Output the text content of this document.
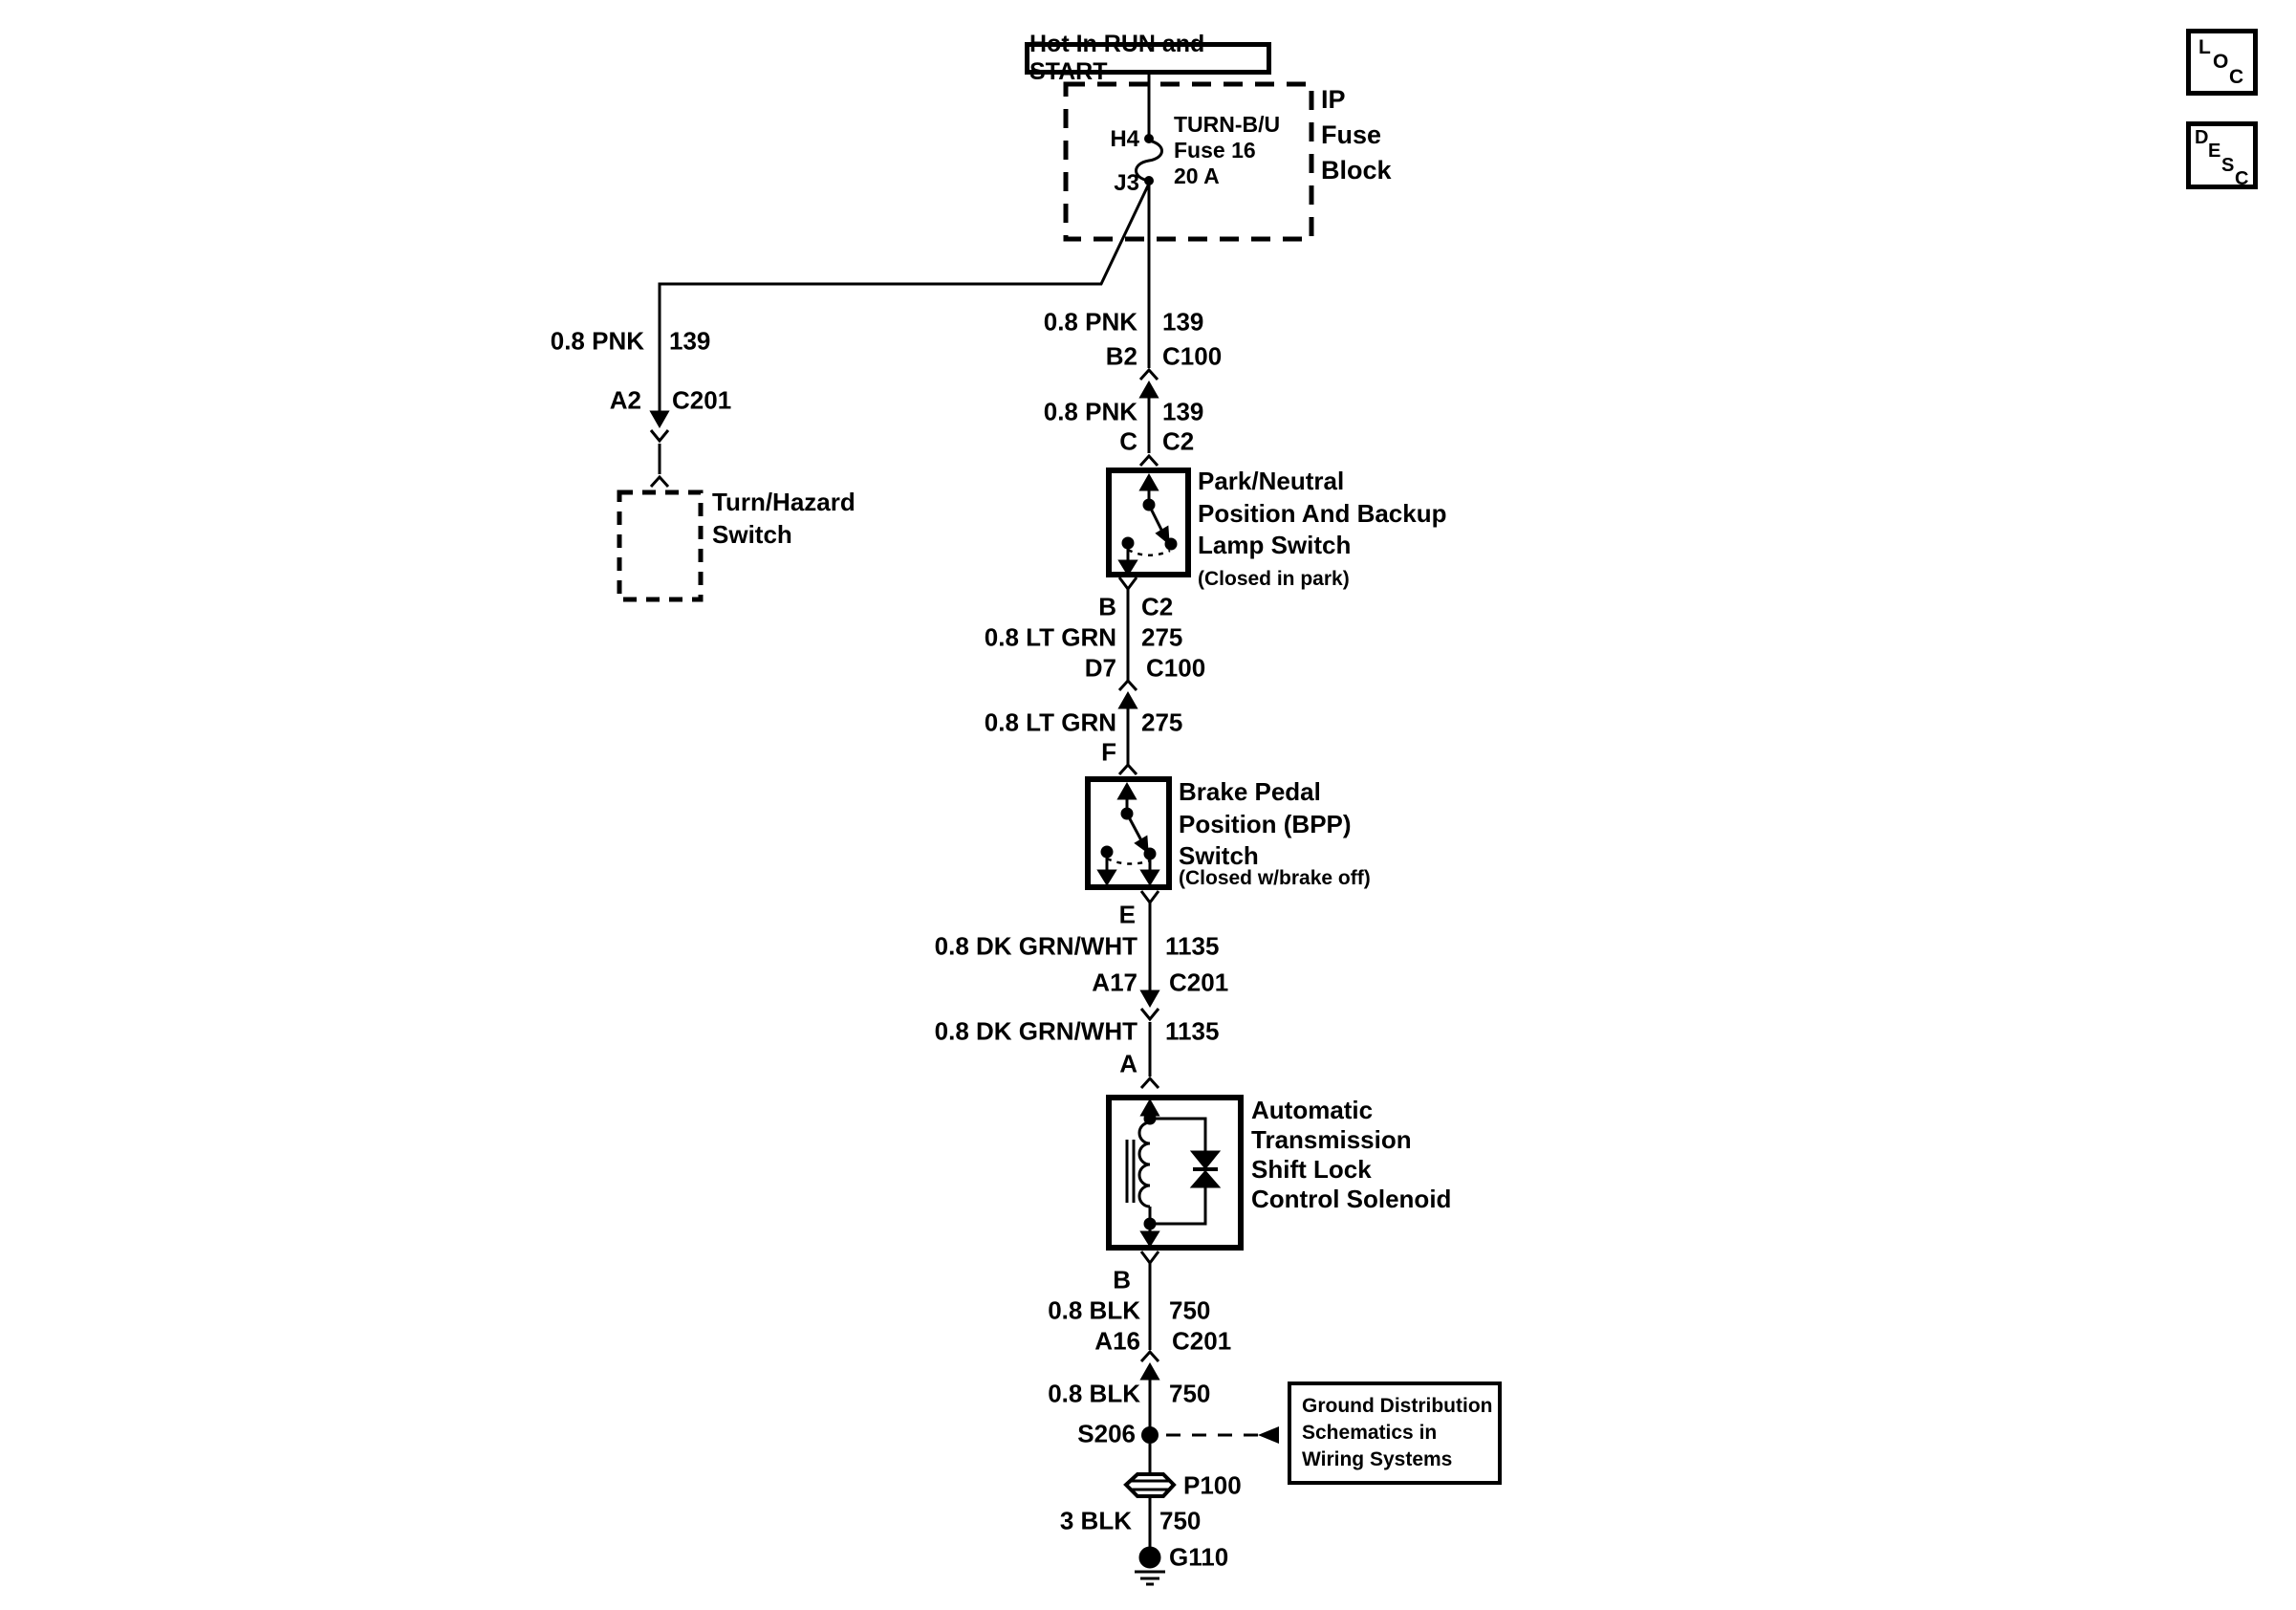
Hot In RUN and START
H4
J3
TURN-B/U
Fuse 16
20 A
IP
Fuse
Block
0.8 PNK 139
A2 C201
Turn/Hazard
Switch
0.8 PNK 139
B2 C100
0.8 PNK 139
C C2
Park/Neutral
Position And Backup
Lamp Switch
(Closed in park)
B C2
0.8 LT GRN 275
D7 C100
0.8 LT GRN 275
F
Brake Pedal
Position (BPP)
Switch
(Closed w/brake off)
E
0.8 DK GRN/WHT 1135
A17 C201
0.8 DK GRN/WHT 1135
A
Automatic
Transmission
Shift Lock
Control Solenoid
B
0.8 BLK 750
A16 C201
0.8 BLK 750
S206
Ground Distribution
Schematics in
Wiring Systems
P100
3 BLK 750
G110
L
O
C
D
E
S
C
